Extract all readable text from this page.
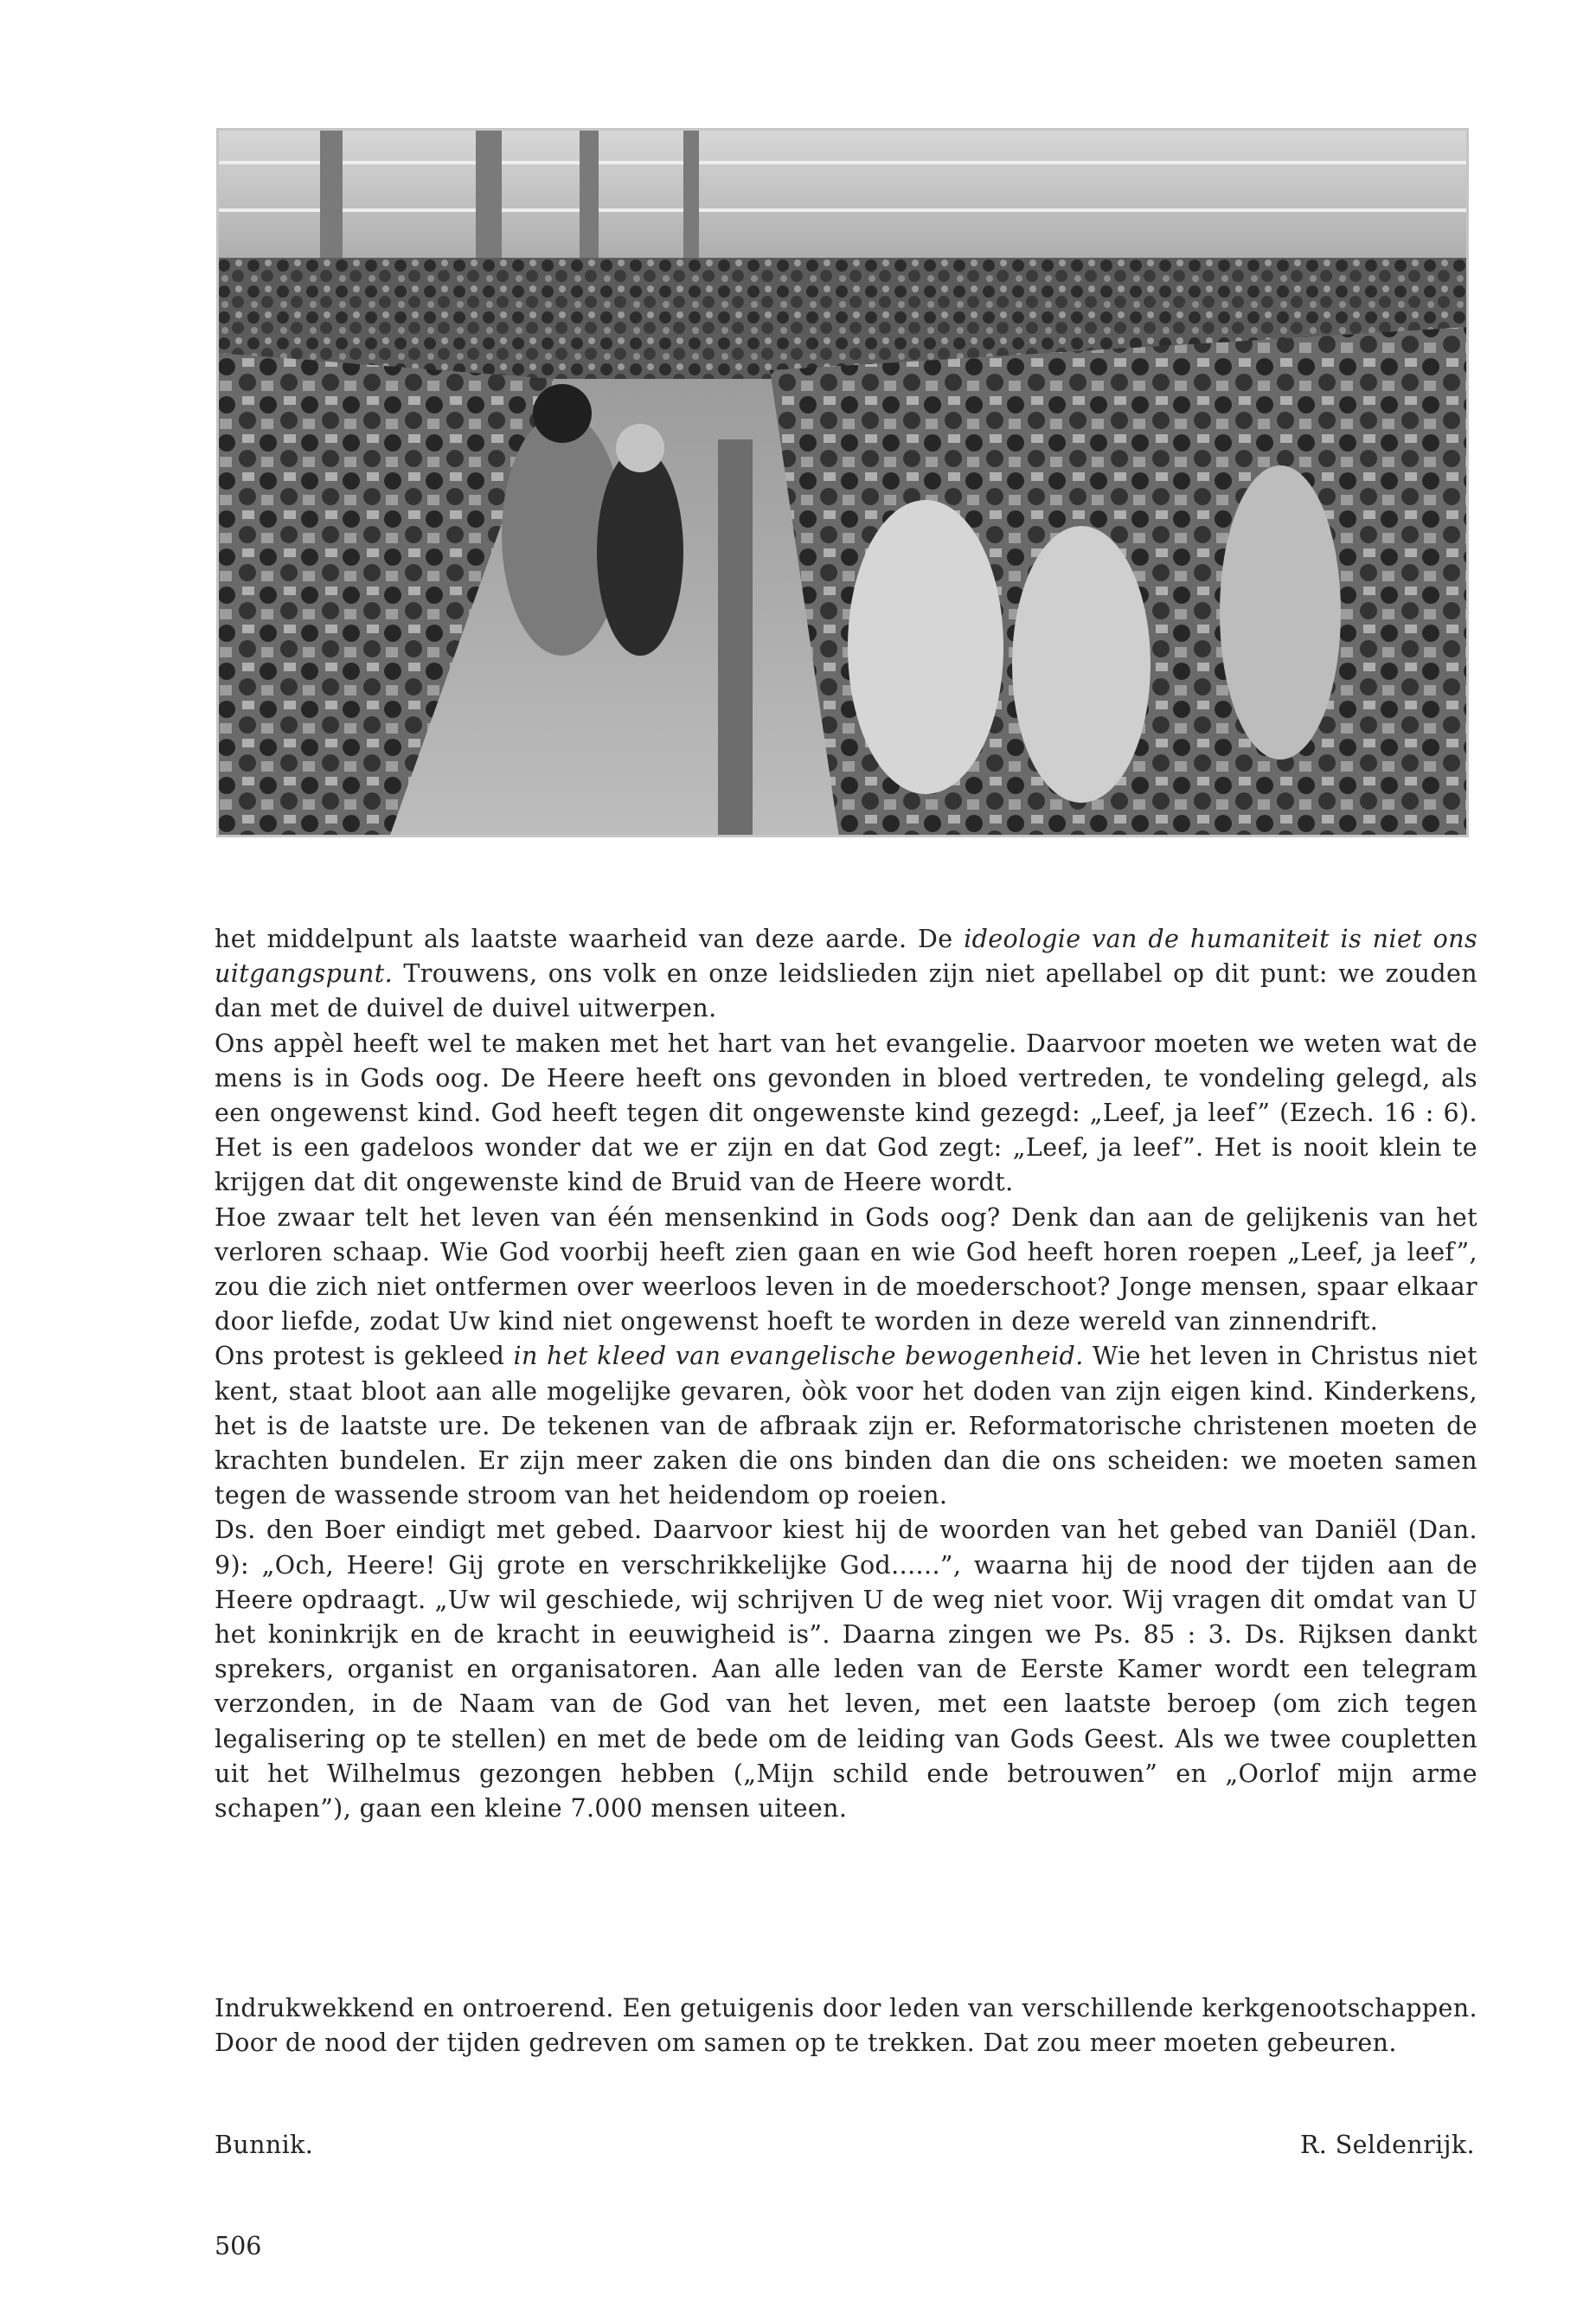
het middelpunt als laatste waarheid van deze aarde. De ideologie van de humaniteit is niet ons uitgangspunt. Trouwens, ons volk en onze leidslieden zijn niet apellabel op dit punt: we zouden dan met de duivel de duivel uitwerpen.

Ons appèl heeft wel te maken met het hart van het evangelie. Daarvoor moeten we weten wat de mens is in Gods oog. De Heere heeft ons gevonden in bloed vertreden, te vondeling gelegd, als een ongewenst kind. God heeft tegen dit ongewenste kind gezegd: „Leef, ja leef” (Ezech. 16 : 6). Het is een gadeloos wonder dat we er zijn en dat God zegt: „Leef, ja leef”. Het is nooit klein te krijgen dat dit ongewenste kind de Bruid van de Heere wordt.

Hoe zwaar telt het leven van één mensenkind in Gods oog? Denk dan aan de gelijkenis van het verloren schaap. Wie God voorbij heeft zien gaan en wie God heeft horen roepen „Leef, ja leef”, zou die zich niet ontfermen over weerloos leven in de moederschoot? Jonge mensen, spaar elkaar door liefde, zodat Uw kind niet ongewenst hoeft te worden in deze wereld van zinnendrift.

Ons protest is gekleed in het kleed van evangelische bewogenheid. Wie het leven in Christus niet kent, staat bloot aan alle mogelijke gevaren, òòk voor het doden van zijn eigen kind. Kinderkens, het is de laatste ure. De tekenen van de afbraak zijn er. Reformatorische christenen moeten de krachten bundelen. Er zijn meer zaken die ons binden dan die ons scheiden: we moeten samen tegen de wassende stroom van het heidendom op roeien.

Ds. den Boer eindigt met gebed. Daarvoor kiest hij de woorden van het gebed van Daniël (Dan. 9): „Och, Heere! Gij grote en verschrikkelijke God......”, waarna hij de nood der tijden aan de Heere opdraagt. „Uw wil geschiede, wij schrijven U de weg niet voor. Wij vragen dit omdat van U het koninkrijk en de kracht in eeuwigheid is”. Daarna zingen we Ps. 85 : 3. Ds. Rijksen dankt sprekers, organist en organisatoren. Aan alle leden van de Eerste Kamer wordt een telegram verzonden, in de Naam van de God van het leven, met een laatste beroep (om zich tegen legalisering op te stellen) en met de bede om de leiding van Gods Geest. Als we twee coupletten uit het Wilhelmus gezongen hebben („Mijn schild ende betrouwen” en „Oorlof mijn arme schapen”), gaan een kleine 7.000 mensen uiteen.

Indrukwekkend en ontroerend. Een getuigenis door leden van verschillende kerkgenootschappen. Door de nood der tijden gedreven om samen op te trekken. Dat zou meer moeten gebeuren.

Bunnik.	R. Seldenrijk.
506
